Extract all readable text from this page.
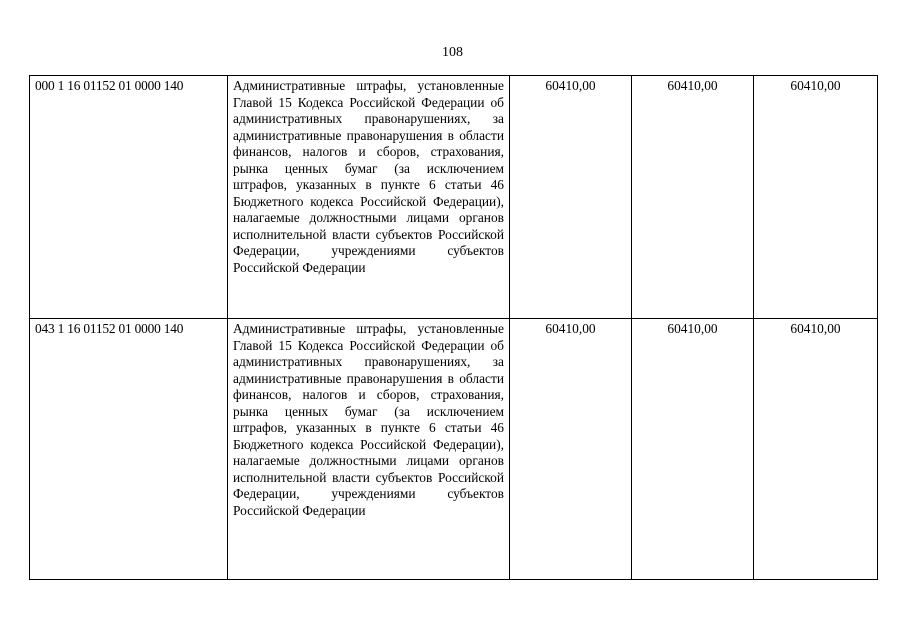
108
000 1 16 01152 01 0000 140	Административные штрафы, установленные Главой 15 Кодекса Российской Федерации об административных правонарушениях, за административные правонарушения в области финансов, налогов и сборов, страхования, рынка ценных бумаг (за исключением штрафов, указанных в пункте 6 статьи 46 Бюджетного кодекса Российской Федерации), налагаемые должностными лицами органов исполнительной власти субъектов Российской Федерации, учреждениями субъектов Российской Федерации	60410,00	60410,00	60410,00
043 1 16 01152 01 0000 140	Административные штрафы, установленные Главой 15 Кодекса Российской Федерации об административных правонарушениях, за административные правонарушения в области финансов, налогов и сборов, страхования, рынка ценных бумаг (за исключением штрафов, указанных в пункте 6 статьи 46 Бюджетного кодекса Российской Федерации), налагаемые должностными лицами органов исполнительной власти субъектов Российской Федерации, учреждениями субъектов Российской Федерации	60410,00	60410,00	60410,00
